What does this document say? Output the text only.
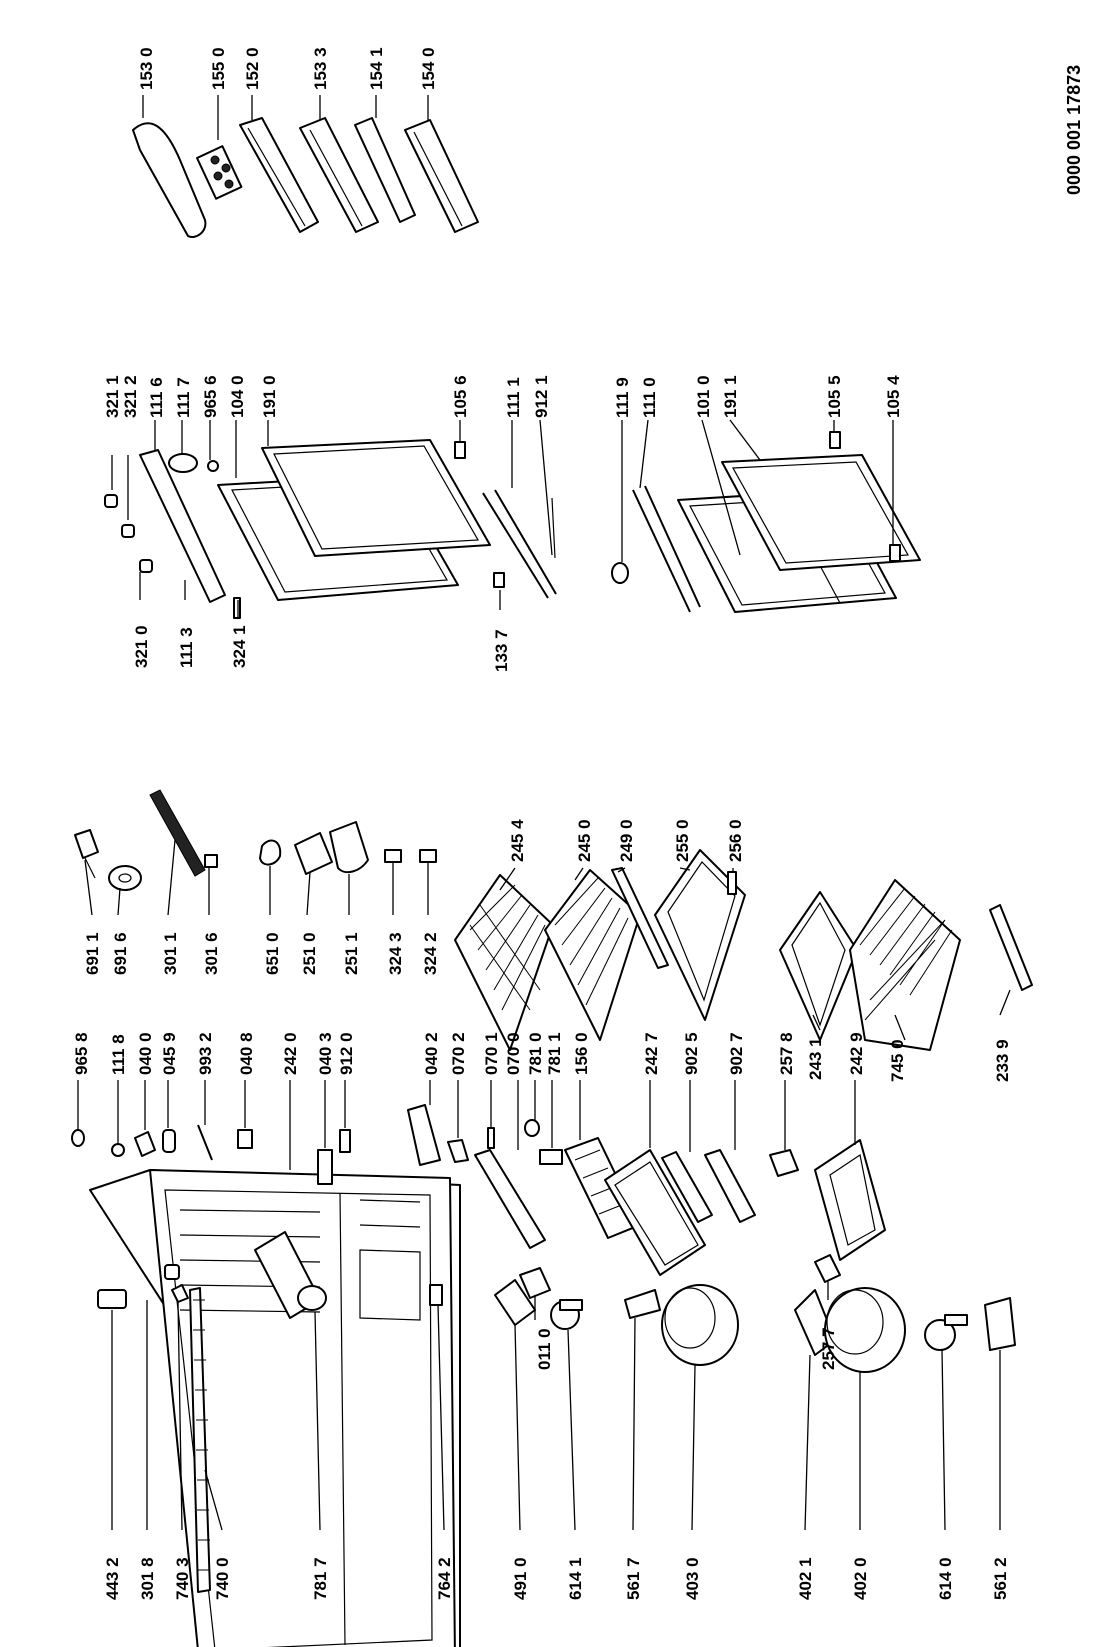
0000 001 17873
153 0	155 0 152 0	153 3 154 1 154 0
321 1 321 2 111 6 111 7 965 6 104 0 191 0	105 6 111 1 912 1
321 0 111 3 324 1	133 7
111 9 111 0 101 0 191 1	105 5 105 4
691 1 691 6 301 1 301 6 651 0 251 0 251 1 324 3 324 2
245 4	245 0 249 0 255 0 256 0
243 1	745 0	233 9
965 8 111 8 040 0 045 9 993 2 040 8 242 0 040 3 912 0	040 2 070 2 070 1 070 0 781 0 781 1 156 0	242 7 902 5 902 7 257 8	242 9
011 0	257 7
443 2 301 8 740 3 740 0	781 7	764 2	491 0 614 1 561 7 403 0	402 1 402 0	614 0 561 2
